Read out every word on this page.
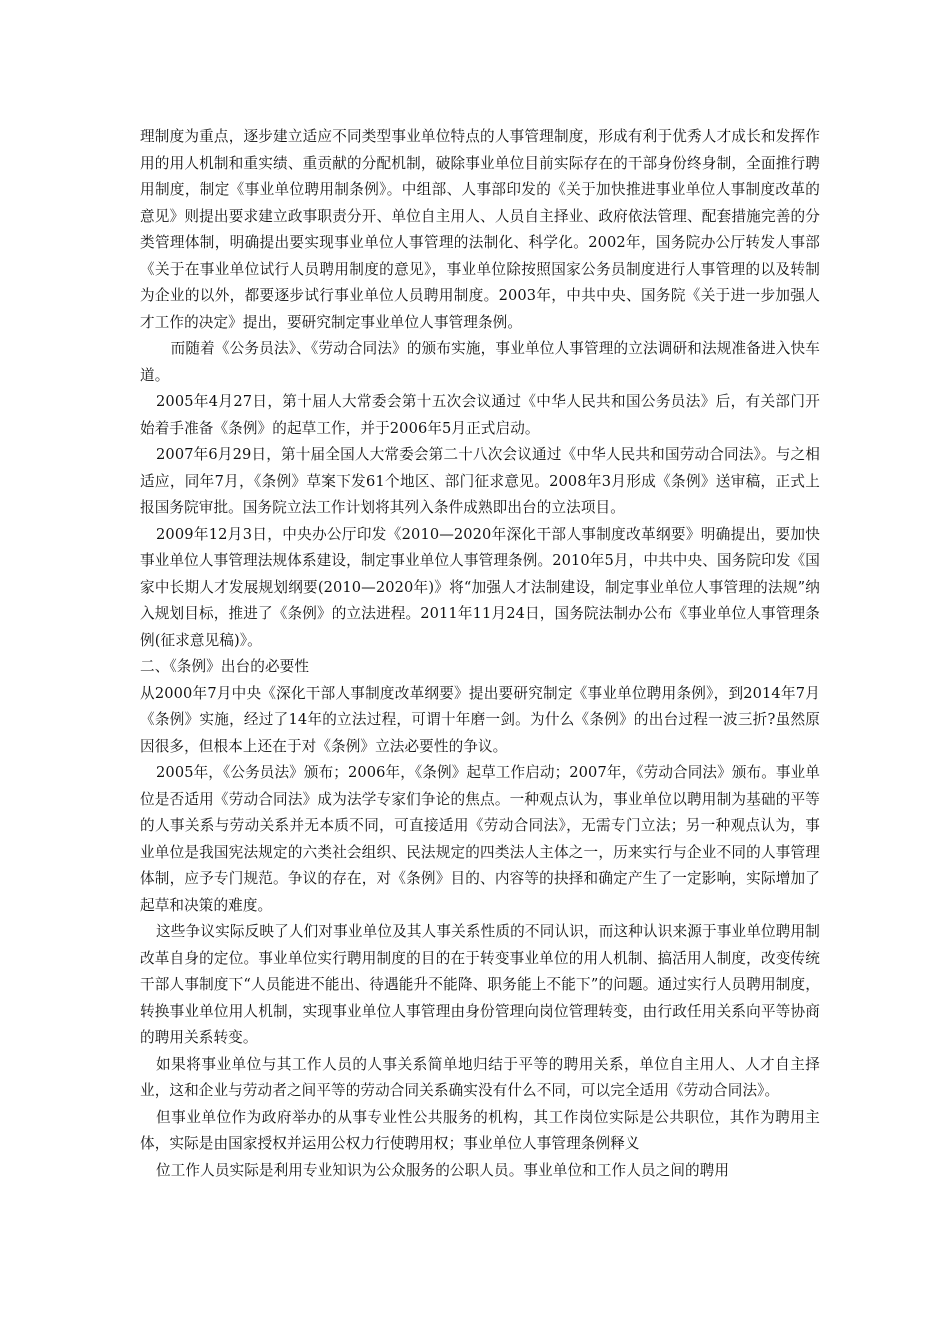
理制度为重点，逐步建立适应不同类型事业单位特点的人事管理制度，形成有利于优秀人才成长和发挥作用的用人机制和重实绩、重贡献的分配机制，破除事业单位目前实际存在的干部身份终身制，全面推行聘用制度，制定《事业单位聘用制条例》。中组部、人事部印发的《关于加快推进事业单位人事制度改革的意见》则提出要求建立政事职责分开、单位自主用人、人员自主择业、政府依法管理、配套措施完善的分类管理体制，明确提出要实现事业单位人事管理的法制化、科学化。2002年，国务院办公厅转发人事部《关于在事业单位试行人员聘用制度的意见》，事业单位除按照国家公务员制度进行人事管理的以及转制为企业的以外，都要逐步试行事业单位人员聘用制度。2003年，中共中央、国务院《关于进一步加强人才工作的决定》提出，要研究制定事业单位人事管理条例。

而随着《公务员法》、《劳动合同法》的颁布实施，事业单位人事管理的立法调研和法规准备进入快车道。

2005年4月27日，第十届人大常委会第十五次会议通过《中华人民共和国公务员法》后，有关部门开始着手准备《条例》的起草工作，并于2006年5月正式启动。

2007年6月29日，第十届全国人大常委会第二十八次会议通过《中华人民共和国劳动合同法》。与之相适应，同年7月，《条例》草案下发61个地区、部门征求意见。2008年3月形成《条例》送审稿，正式上报国务院审批。国务院立法工作计划将其列入条件成熟即出台的立法项目。

2009年12月3日，中央办公厅印发《2010—2020年深化干部人事制度改革纲要》明确提出，要加快事业单位人事管理法规体系建设，制定事业单位人事管理条例。2010年5月，中共中央、国务院印发《国家中长期人才发展规划纲要(2010—2020年)》将“加强人才法制建设，制定事业单位人事管理的法规”纳入规划目标，推进了《条例》的立法进程。2011年11月24日，国务院法制办公布《事业单位人事管理条例(征求意见稿)》。

二、《条例》出台的必要性

从2000年7月中央《深化干部人事制度改革纲要》提出要研究制定《事业单位聘用条例》，到2014年7月《条例》实施，经过了14年的立法过程，可谓十年磨一剑。为什么《条例》的出台过程一波三折?虽然原因很多，但根本上还在于对《条例》立法必要性的争议。

2005年，《公务员法》颁布；2006年，《条例》起草工作启动；2007年，《劳动合同法》颁布。事业单位是否适用《劳动合同法》成为法学专家们争论的焦点。一种观点认为，事业单位以聘用制为基础的平等的人事关系与劳动关系并无本质不同，可直接适用《劳动合同法》，无需专门立法；另一种观点认为，事业单位是我国宪法规定的六类社会组织、民法规定的四类法人主体之一，历来实行与企业不同的人事管理体制，应予专门规范。争议的存在，对《条例》目的、内容等的抉择和确定产生了一定影响，实际增加了起草和决策的难度。

这些争议实际反映了人们对事业单位及其人事关系性质的不同认识，而这种认识来源于事业单位聘用制改革自身的定位。事业单位实行聘用制度的目的在于转变事业单位的用人机制、搞活用人制度，改变传统干部人事制度下“人员能进不能出、待遇能升不能降、职务能上不能下”的问题。通过实行人员聘用制度，转换事业单位用人机制，实现事业单位人事管理由身份管理向岗位管理转变，由行政任用关系向平等协商的聘用关系转变。

如果将事业单位与其工作人员的人事关系简单地归结于平等的聘用关系，单位自主用人、人才自主择业，这和企业与劳动者之间平等的劳动合同关系确实没有什么不同，可以完全适用《劳动合同法》。

但事业单位作为政府举办的从事专业性公共服务的机构，其工作岗位实际是公共职位，其作为聘用主体，实际是由国家授权并运用公权力行使聘用权；事业单位人事管理条例释义

位工作人员实际是利用专业知识为公众服务的公职人员。事业单位和工作人员之间的聘用
